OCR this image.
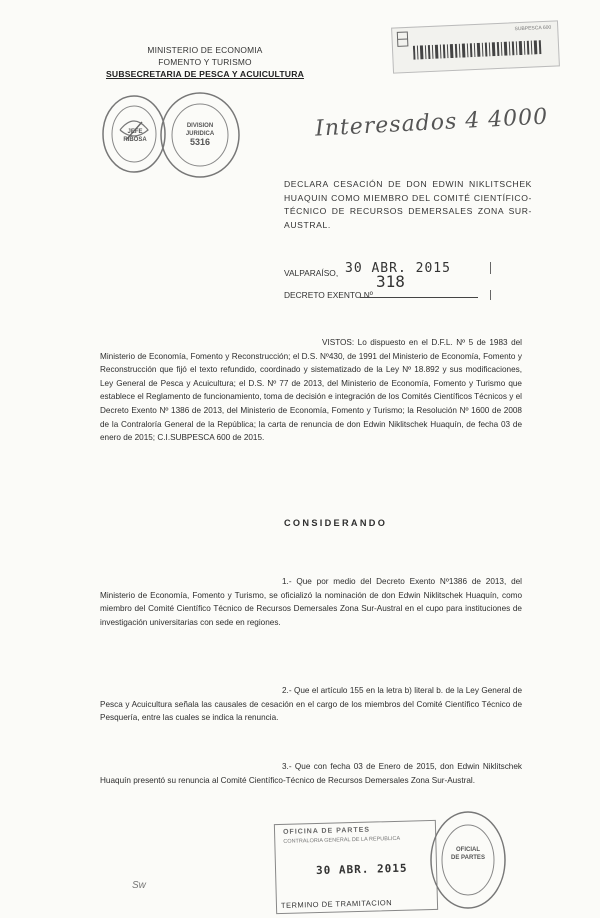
MINISTERIO DE ECONOMIA
FOMENTO Y TURISMO
SUBSECRETARIA DE PESCA Y ACUICULTURA
SUBPESCA 600
Interesados 4 4000
JEFE
RIBOSA
DIVISION
JURIDICA
5316
DECLARA CESACIÓN DE DON EDWIN NIKLITSCHEK HUAQUIN COMO MIEMBRO DEL COMITÉ CIENTÍFICO-TÉCNICO DE RECURSOS DEMERSALES ZONA SUR-AUSTRAL.
VALPARAÍSO, 30 ABR. 2015
DECRETO EXENTO Nº
318
VISTOS: Lo dispuesto en el D.F.L. Nº 5 de 1983 del Ministerio de Economía, Fomento y Reconstrucción; el D.S. Nº430, de 1991 del Ministerio de Economía, Fomento y Reconstrucción que fijó el texto refundido, coordinado y sistematizado de la Ley Nº 18.892 y sus modificaciones, Ley General de Pesca y Acuicultura; el D.S. Nº 77 de 2013, del Ministerio de Economía, Fomento y Turismo que establece el Reglamento de funcionamiento, toma de decisión e integración de los Comités Científicos Técnicos y el Decreto Exento Nº 1386 de 2013, del Ministerio de Economía, Fomento y Turismo; la Resolución Nº 1600 de 2008 de la Contraloría General de la República; la carta de renuncia de don Edwin Niklitschek Huaquín, de fecha 03 de enero de 2015; C.I.SUBPESCA 600 de 2015.
CONSIDERANDO
1.- Que por medio del Decreto Exento Nº1386 de 2013, del Ministerio de Economía, Fomento y Turismo, se oficializó la nominación de don Edwin Niklitschek Huaquín, como miembro del Comité Científico Técnico de Recursos Demersales Zona Sur-Austral en el cupo para instituciones de investigación universitarias con sede en regiones.
2.- Que el artículo 155 en la letra b) literal b. de la Ley General de Pesca y Acuicultura señala las causales de cesación en el cargo de los miembros del Comité Científico Técnico de Pesquería, entre las cuales se indica la renuncia.
3.- Que con fecha 03 de Enero de 2015, don Edwin Niklitschek Huaquín presentó su renuncia al Comité Científico-Técnico de Recursos Demersales Zona Sur-Austral.
OFICINA DE PARTES
CONTRALORIA GENERAL DE LA REPUBLICA
30 ABR. 2015
TERMINO DE TRAMITACION
OFICIAL
DE PARTES
Sw
